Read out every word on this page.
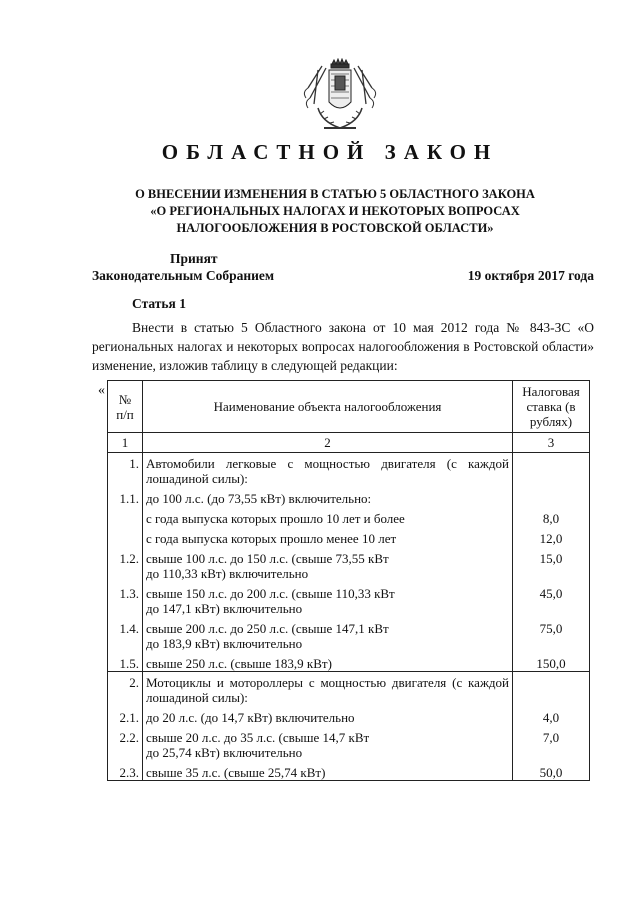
ОБЛАСТНОЙ ЗАКОН
О ВНЕСЕНИИ ИЗМЕНЕНИЯ В СТАТЬЮ 5 ОБЛАСТНОГО ЗАКОНА
«О РЕГИОНАЛЬНЫХ НАЛОГАХ И НЕКОТОРЫХ ВОПРОСАХ
НАЛОГООБЛОЖЕНИЯ В РОСТОВСКОЙ ОБЛАСТИ»
Принят
Законодательным Собранием	19 октября 2017 года
Статья 1
Внести в статью 5 Областного закона от 10 мая 2012 года № 843-ЗС «О региональных налогах и некоторых вопросах налогообложения в Ростовской области» изменение, изложив таблицу в следующей редакции:
«
№
п/п	Наименование объекта налогообложения	Налоговая ставка (в рублях)
1	2	3
1.	Автомобили легковые с мощностью двигателя (с каждой лошадиной силы):	
1.1.	до 100 л.с. (до 73,55 кВт) включительно:	
	с года выпуска которых прошло 10 лет и более	8,0
	с года выпуска которых прошло менее 10 лет	12,0
1.2.	свыше 100 л.с. до 150 л.с. (свыше 73,55 кВт
до 110,33 кВт) включительно	15,0
1.3.	свыше 150 л.с. до 200 л.с. (свыше 110,33 кВт
до 147,1 кВт) включительно	45,0
1.4.	свыше 200 л.с. до 250 л.с. (свыше 147,1 кВт
до 183,9 кВт) включительно	75,0
1.5.	свыше 250 л.с. (свыше 183,9 кВт)	150,0
2.	Мотоциклы и мотороллеры с мощностью двигателя (с каждой лошадиной силы):	
2.1.	до 20 л.с. (до 14,7 кВт) включительно	4,0
2.2.	свыше 20 л.с. до 35 л.с. (свыше 14,7 кВт
до 25,74 кВт) включительно	7,0
2.3.	свыше 35 л.с. (свыше 25,74 кВт)	50,0
